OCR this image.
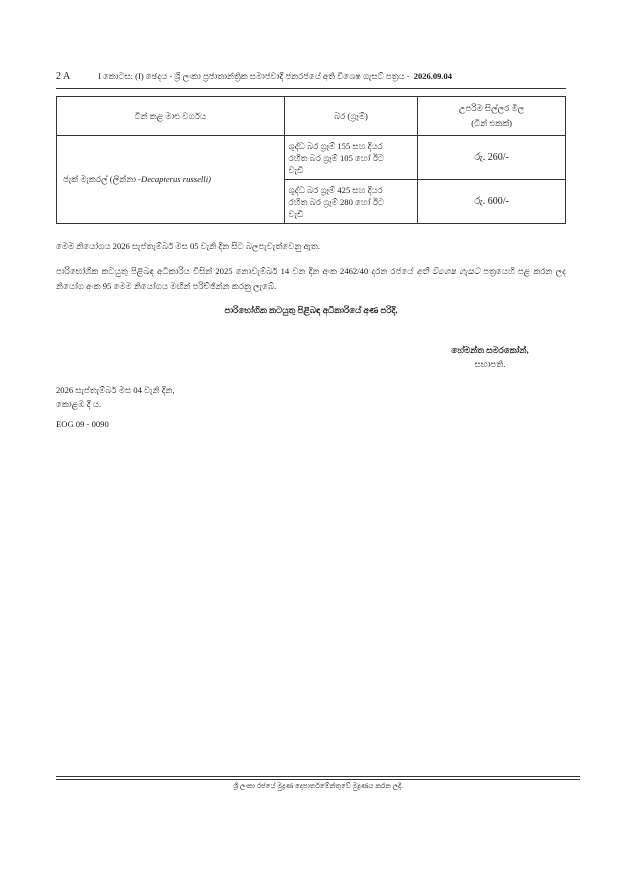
2 A	I කොටස: (I) ඡෙදය - ශ්‍රී ලංකා ප්‍රජාතාන්ත්‍රික සමාජවාදී ජනරජයේ අති විශෙෂ ගැසට් පත්‍රය - 2026.09.04
ටින් කළ මාළු වර්ගය	බර (ග්‍රෑම්)	උපරිම සිල්ලර මිල
(ටින් එකක්)

ජැක් මැකරල් (ලින්නා -Decapterus russelli)	ශුද්ධ බර ග්‍රෑම් 155 සහ දියර
රහිත බර ග්‍රෑම් 105 හෝ ඊට
වැඩි	රු. 260/-

	ශුද්ධ බර ග්‍රෑම් 425 සහ දියර
රහිත බර ග්‍රෑම් 280 හෝ ඊට
වැඩි	රු. 600/-
මෙම නියෝගය 2026 සැප්තැම්බර් මස 05 වැනි දින සිට බලපැවැත්වෙනු ඇත.
පාරිභෝගික කටයුතු පිළිබඳ අධිකාරිය විසින් 2025 නොවැම්බර් 14 වන දින අංක 2462/40 දරන රජයේ අති විශෙෂ ගැසට් පත්‍රයෙහි පළ කරන ලද නියෝග අංක 95 මෙම නියෝගය මඟින් පරිච්ඡින්න කරනු ලැබේ.
පාරිභෝගික කටයුතු පිළිබඳ අධිකාරියේ අණ පරිදි,
හේමන්ත සමරකෝන්,
සභාපති.
2026 සැප්තැම්බර් මස 04 වැනි දින,
කොළඹ දී ය.
EOG 09 - 0090
ශ්‍රී ලංකා රජයේ මුද්‍රණ දෙපාර්තමේන්තුවේ මුද්‍රණය කරන ලදී.
